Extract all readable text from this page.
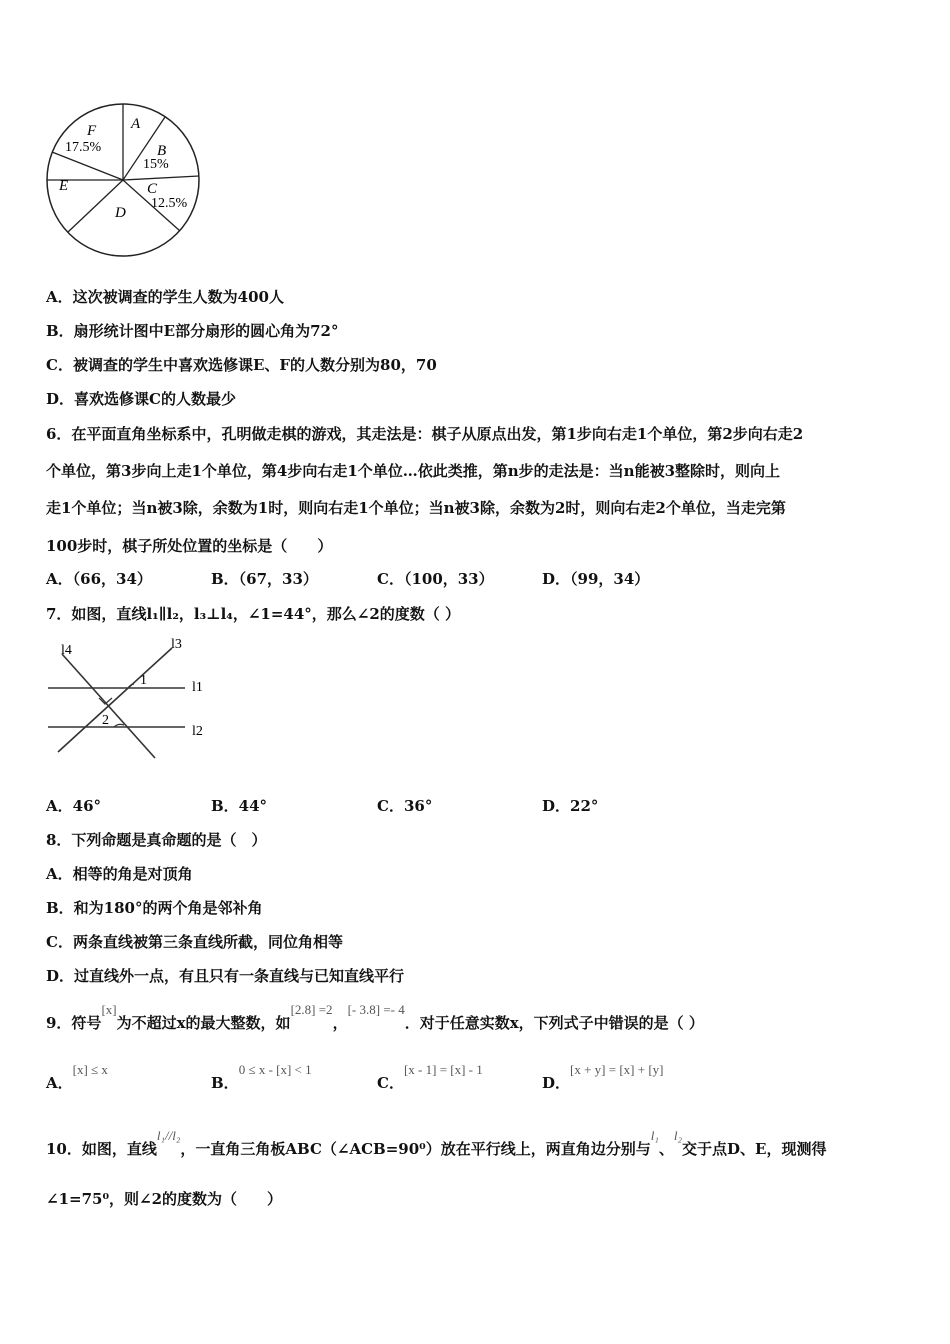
A
B
15%
C
12.5%
D
E
F
17.5%
A．这次被调查的学生人数为400人
B．扇形统计图中E部分扇形的圆心角为72°
C．被调查的学生中喜欢选修课E、F的人数分别为80，70
D．喜欢选修课C的人数最少
6．在平面直角坐标系中，孔明做走棋的游戏，其走法是：棋子从原点出发，第1步向右走1个单位，第2步向右走2
个单位，第3步向上走1个单位，第4步向右走1个单位…依此类推，第n步的走法是：当n能被3整除时，则向上
走1个单位；当n被3除，余数为1时，则向右走1个单位；当n被3除，余数为2时，则向右走2个单位，当走完第
100步时，棋子所处位置的坐标是（　　）
A．（66，34）	B．（67，33）	C．（100，33）	D．（99，34）
7．如图，直线l₁∥l₂，l₃⊥l₄，∠1=44°，那么∠2的度数（ ）
l4	l3
1	l1
2
l2
A．46°	B．44°	C．36°	D．22°
8．下列命题是真命题的是（　）
A．相等的角是对顶角
B．和为180°的两个角是邻补角
C．两条直线被第三条直线所截，同位角相等
D．过直线外一点，有且只有一条直线与已知直线平行
9．符号[x]为不超过x的最大整数，如[2.8] =2，[- 3.8] =- 4．对于任意实数x，下列式子中错误的是（ ）
A．[x] ≤ x
B．0 ≤ x - [x] < 1
C．[x - 1] = [x] - 1
D．[x + y] = [x] + [y]
10．如图，直线l₁//l₂，一直角三角板ABC（∠ACB=90⁰）放在平行线上，两直角边分别与l₁、l₂交于点D、E，现测得
∠1=75⁰，则∠2的度数为（　　）
